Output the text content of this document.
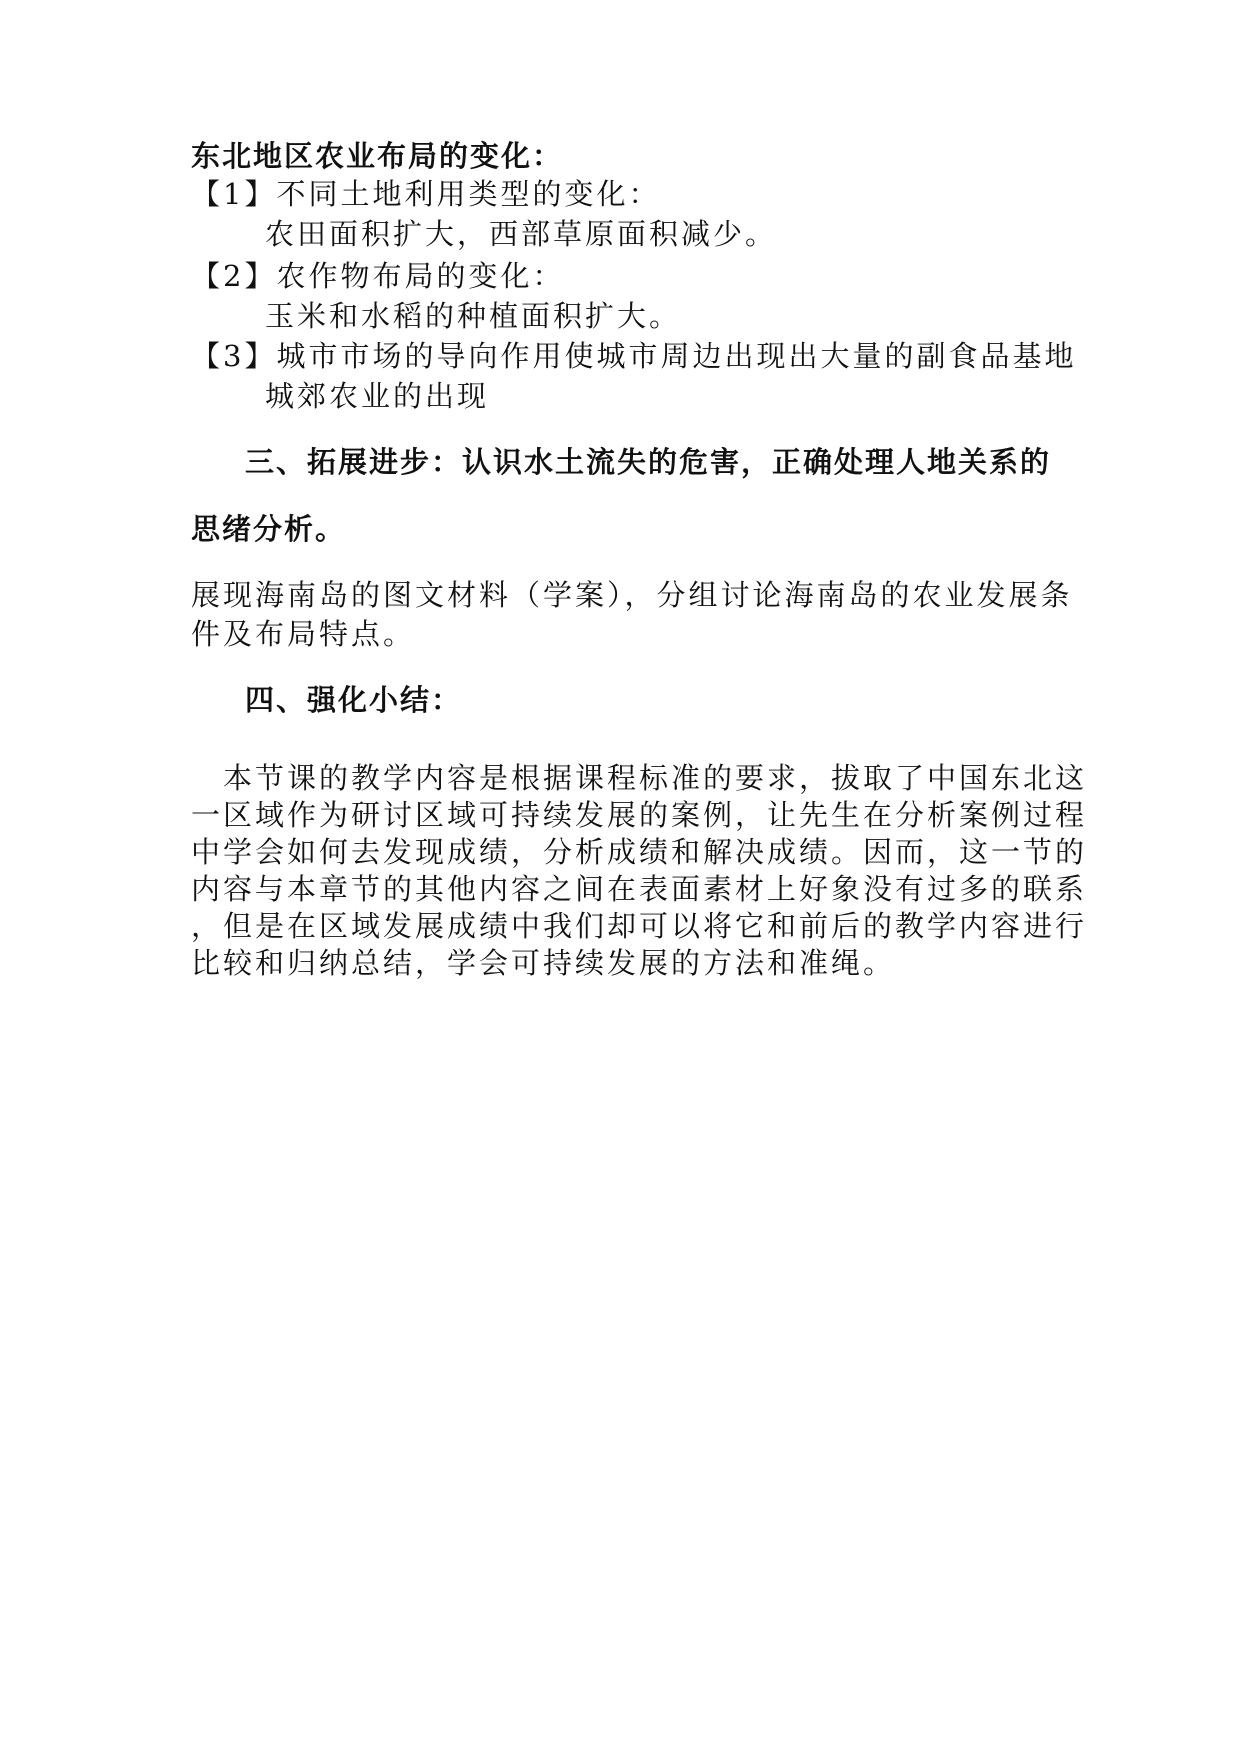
东北地区农业布局的变化：
【1】不同土地利用类型的变化：
农田面积扩大，西部草原面积减少。
【2】农作物布局的变化：
玉米和水稻的种植面积扩大。
【3】城市市场的导向作用使城市周边出现出大量的副食品基地
城郊农业的出现
三、拓展进步：认识水土流失的危害，正确处理人地关系的
思绪分析。
展现海南岛的图文材料（学案），分组讨论海南岛的农业发展条
件及布局特点。
四、强化小结：
　本节课的教学内容是根据课程标准的要求，拔取了中国东北这
一区域作为研讨区域可持续发展的案例，让先生在分析案例过程
中学会如何去发现成绩，分析成绩和解决成绩。因而，这一节的
内容与本章节的其他内容之间在表面素材上好象没有过多的联系
，但是在区域发展成绩中我们却可以将它和前后的教学内容进行
比较和归纳总结，学会可持续发展的方法和准绳。
